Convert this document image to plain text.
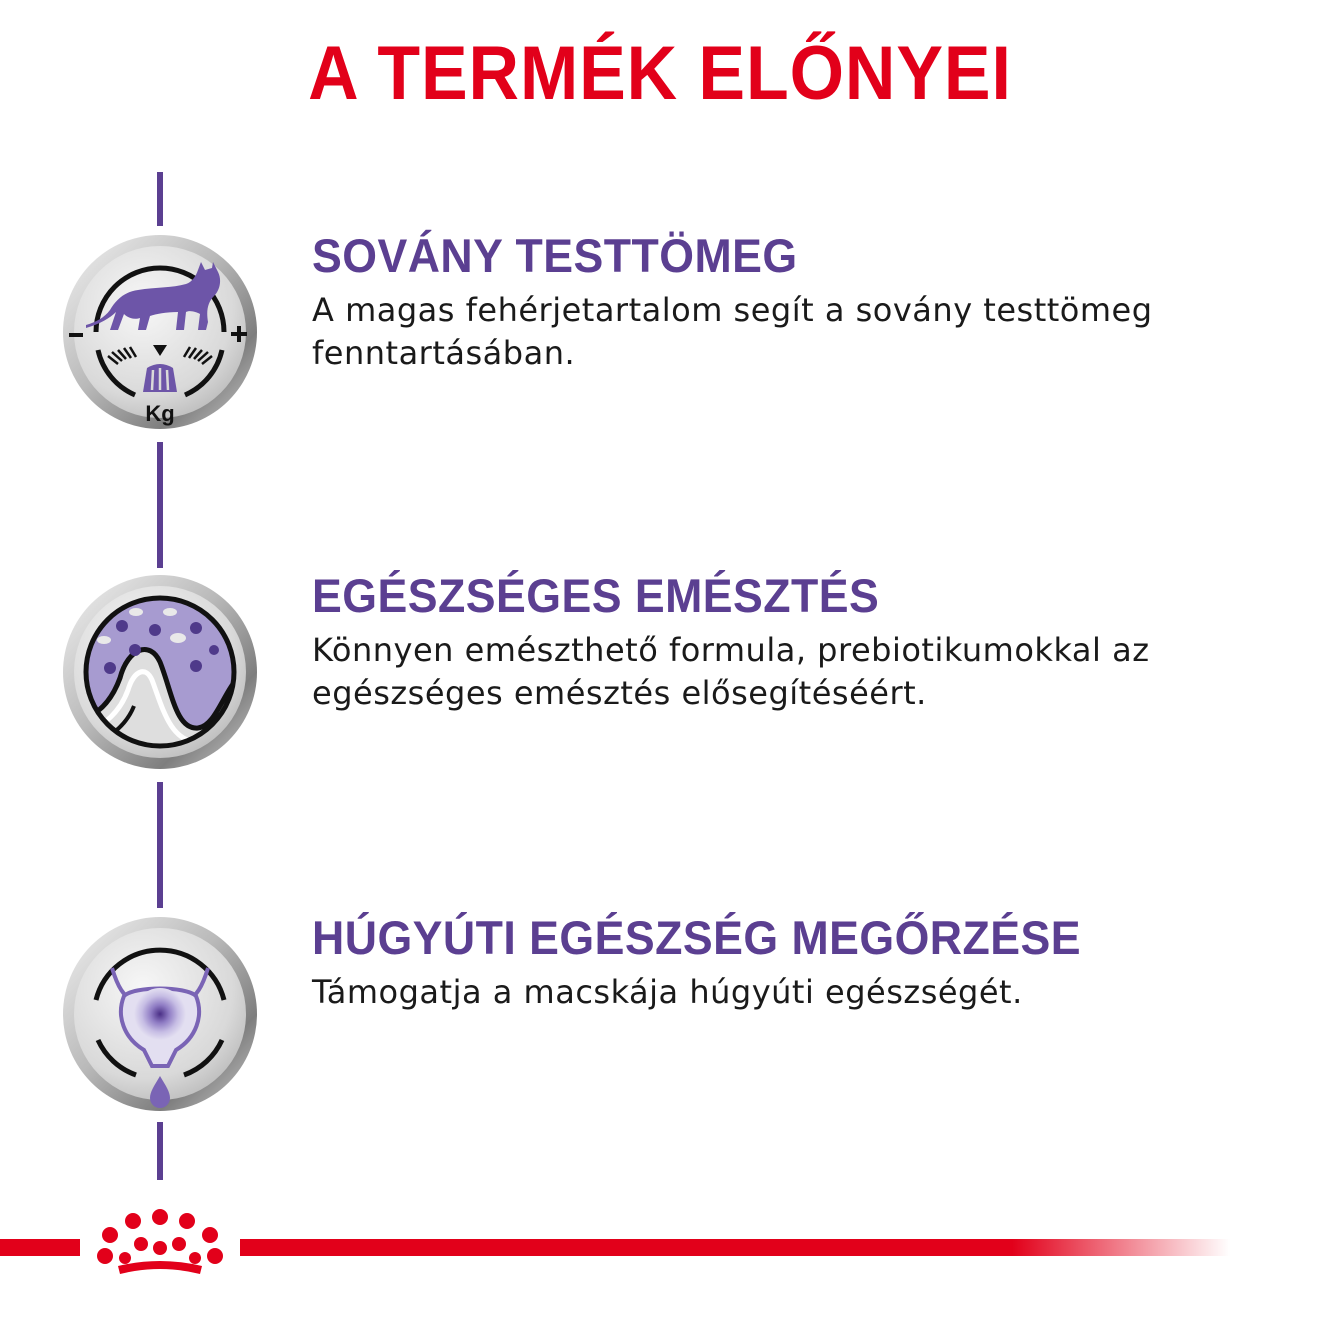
A TERMÉK ELŐNYEI
Kg
SOVÁNY TESTTÖMEG

A magas fehérjetartalom segít a sovány testtömeg
fenntartásában.

EGÉSZSÉGES EMÉSZTÉS

Könnyen emészthető formula, prebiotikumokkal az
egészséges emésztés elősegítéséért.

HÚGYÚTI EGÉSZSÉG MEGŐRZÉSE

Támogatja a macskája húgyúti egészségét.
